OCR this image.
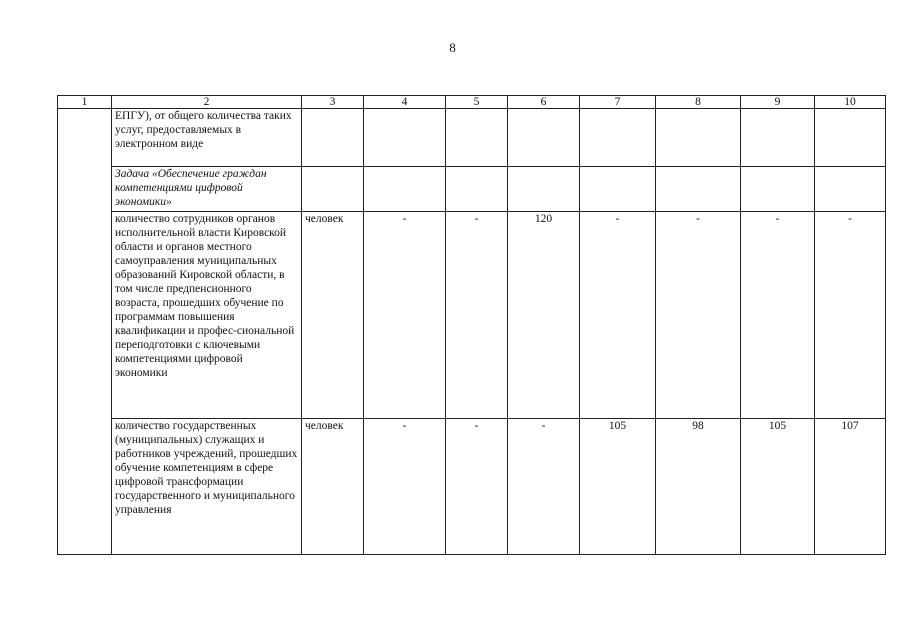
8
1	2	3	4	5	6	7	8	9	10
	ЕПГУ), от общего количества таких услуг, предоставляемых в электронном виде								
	Задача «Обеспечение граждан компетенциями цифровой экономики»								
	количество сотрудников органов исполнительной власти Кировской области и органов местного самоуправления муниципальных образований Кировской области, в том числе предпенсионного возраста, прошедших обучение по программам повышения квалификации и профес-сиональной переподготовки с ключевыми компетенциями цифровой экономики	человек	-	-	120	-	-	-	-
	количество государственных (муниципальных) служащих и работников учреждений, прошедших обучение компетенциям в сфере цифровой трансформации государственного и муниципального управления	человек	-	-	-	105	98	105	107
